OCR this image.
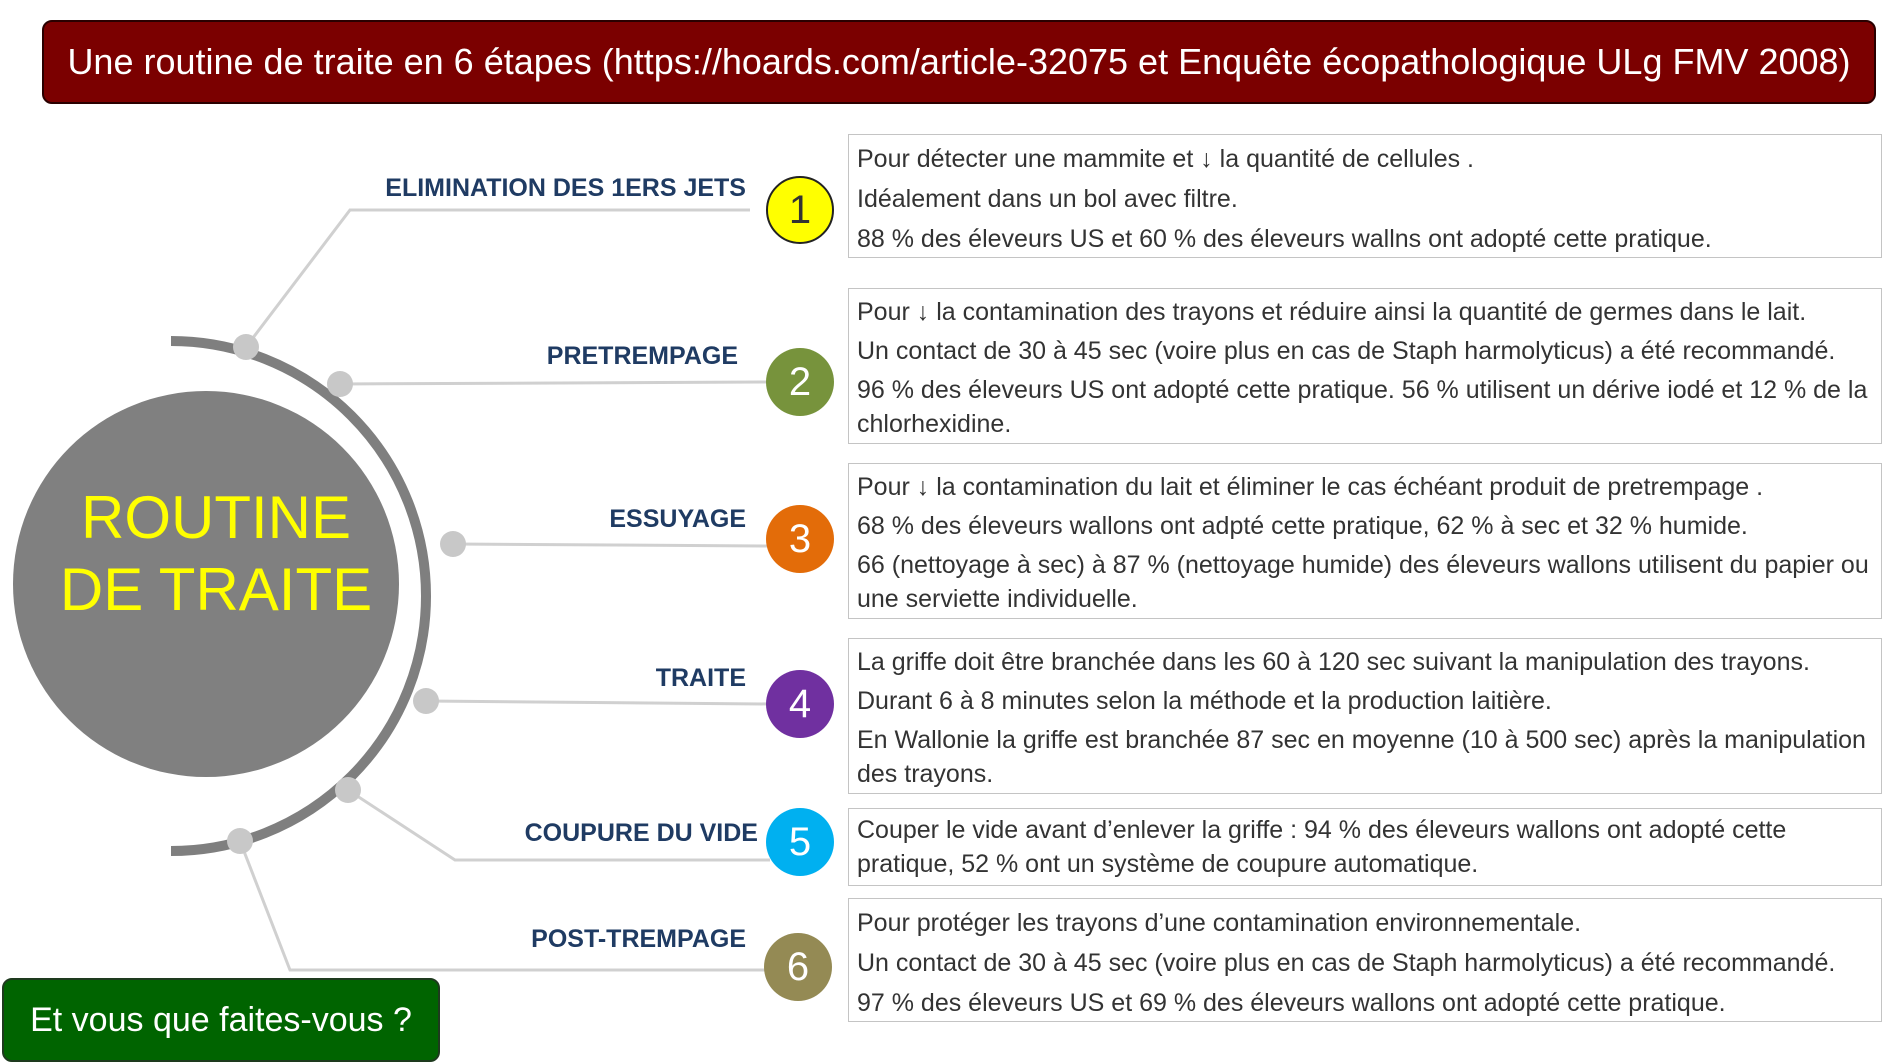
Une routine de traite en 6 étapes (https://hoards.com/article-32075 et Enquête écopathologique ULg FMV 2008)
ROUTINE
DE TRAITE
ELIMINATION DES 1ERS JETS	1
Pour détecter une mammite et ↓ la quantité de cellules .
Idéalement dans un bol avec filtre.
88 % des éleveurs US et 60 % des éleveurs wallns ont adopté cette pratique.
PRETREMPAGE
2
Pour ↓ la contamination des trayons et réduire ainsi la quantité de germes dans le lait.
Un contact de 30 à 45 sec (voire plus en cas de Staph harmolyticus) a été recommandé.
96 % des éleveurs US ont adopté cette pratique. 56 % utilisent un dérive iodé et 12 % de la chlorhexidine.
ESSUYAGE	3
Pour ↓ la contamination du lait et éliminer le cas échéant produit de pretrempage .
68 % des éleveurs wallons ont adpté cette pratique, 62 % à sec et 32 % humide.
66 (nettoyage à sec) à 87 % (nettoyage humide) des éleveurs wallons utilisent du papier ou une serviette individuelle.
TRAITE
4
La griffe doit être branchée dans les 60 à 120 sec suivant la manipulation des trayons.
Durant 6 à 8 minutes selon la méthode et la production laitière.
En Wallonie la griffe est branchée 87 sec en moyenne (10 à 500 sec) après la manipulation des trayons.
COUPURE DU VIDE 5	Couper le vide avant d’enlever la griffe : 94 % des éleveurs wallons ont adopté cette pratique, 52 % ont un système de coupure automatique.
POST-TREMPAGE
6
Pour protéger les trayons d’une contamination environnementale.
Un contact de 30 à 45 sec (voire plus en cas de Staph harmolyticus) a été recommandé.
97 % des éleveurs US et 69 % des éleveurs wallons ont adopté cette pratique.
Et vous que faites-vous ?
